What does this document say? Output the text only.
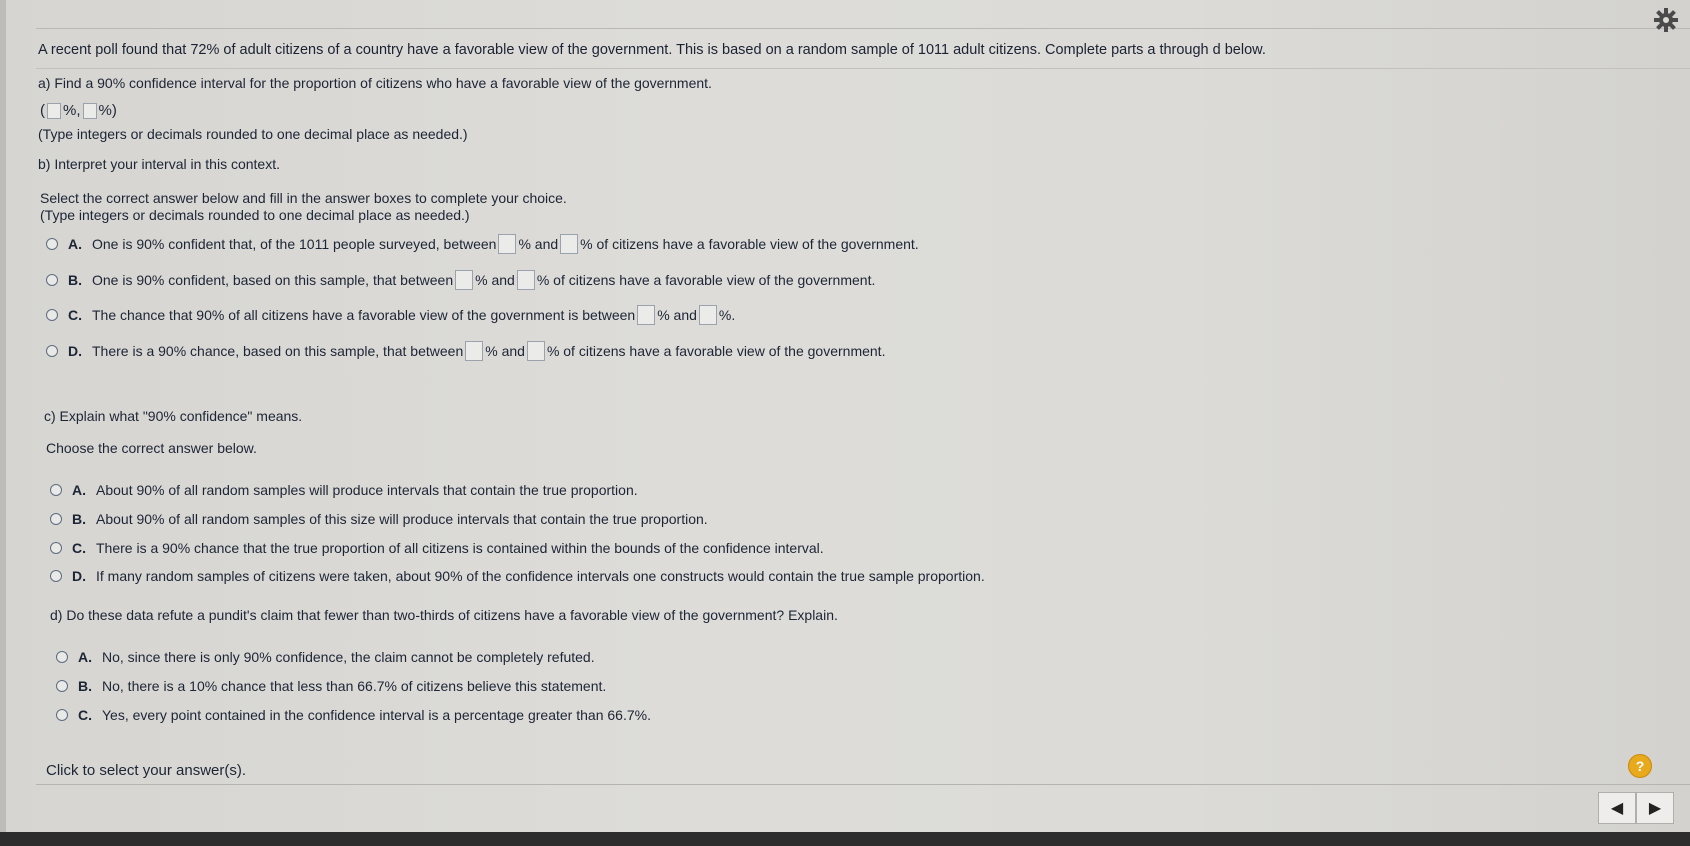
A recent poll found that 72% of adult citizens of a country have a favorable view of the government. This is based on a random sample of 1011 adult citizens. Complete parts a through d below.
a) Find a 90% confidence interval for the proportion of citizens who have a favorable view of the government.
( %, %)
(Type integers or decimals rounded to one decimal place as needed.)
b) Interpret your interval in this context.
Select the correct answer below and fill in the answer boxes to complete your choice.
(Type integers or decimals rounded to one decimal place as needed.)
A. One is 90% confident that, of the 1011 people surveyed, between % and % of citizens have a favorable view of the government.
B. One is 90% confident, based on this sample, that between % and % of citizens have a favorable view of the government.
C. The chance that 90% of all citizens have a favorable view of the government is between % and %.
D. There is a 90% chance, based on this sample, that between % and % of citizens have a favorable view of the government.
c) Explain what "90% confidence" means.
Choose the correct answer below.
A. About 90% of all random samples will produce intervals that contain the true proportion.
B. About 90% of all random samples of this size will produce intervals that contain the true proportion.
C. There is a 90% chance that the true proportion of all citizens is contained within the bounds of the confidence interval.
D. If many random samples of citizens were taken, about 90% of the confidence intervals one constructs would contain the true sample proportion.
d) Do these data refute a pundit's claim that fewer than two-thirds of citizens have a favorable view of the government? Explain.
A. No, since there is only 90% confidence, the claim cannot be completely refuted.
B. No, there is a 10% chance that less than 66.7% of citizens believe this statement.
C. Yes, every point contained in the confidence interval is a percentage greater than 66.7%.
Click to select your answer(s).	?
◀	▶
